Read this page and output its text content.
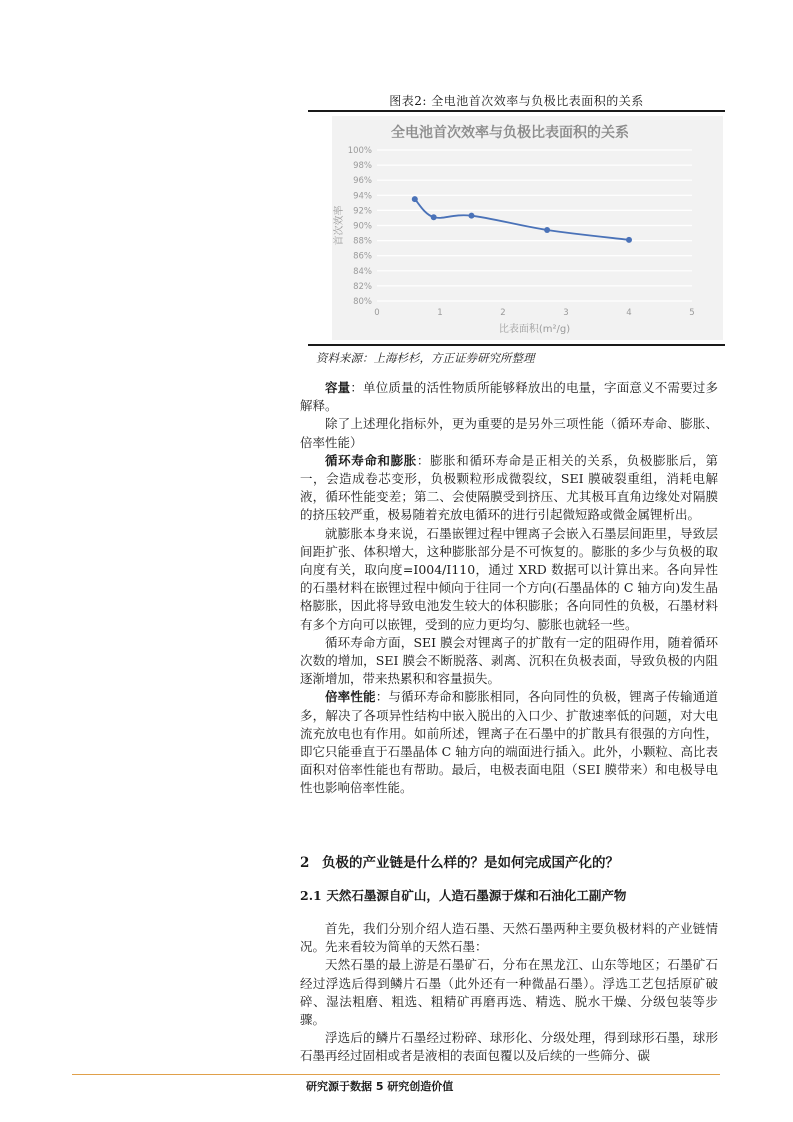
图表2: 全电池首次效率与负极比表面积的关系
全电池首次效率与负极比表面积的关系
80%
82%
84%
86%
88%
90%
92%
94%
96%
98%
100%
0	1	2	3	4	5
比表面积(m²/g)
首次效率
资料来源：上海杉杉，方正证券研究所整理

容量：单位质量的活性物质所能够释放出的电量，字面意义不需要过多解释。

除了上述理化指标外，更为重要的是另外三项性能（循环寿命、膨胀、倍率性能）

循环寿命和膨胀：膨胀和循环寿命是正相关的关系，负极膨胀后，第一，会造成卷芯变形，负极颗粒形成微裂纹，SEI 膜破裂重组，消耗电解液，循环性能变差；第二、会使隔膜受到挤压、尤其极耳直角边缘处对隔膜的挤压较严重，极易随着充放电循环的进行引起微短路或微金属锂析出。

就膨胀本身来说，石墨嵌锂过程中锂离子会嵌入石墨层间距里，导致层间距扩张、体积增大，这种膨胀部分是不可恢复的。膨胀的多少与负极的取向度有关，取向度=I004/I110，通过 XRD 数据可以计算出来。各向异性的石墨材料在嵌锂过程中倾向于往同一个方向(石墨晶体的 C 轴方向)发生晶格膨胀，因此将导致电池发生较大的体积膨胀；各向同性的负极，石墨材料有多个方向可以嵌锂，受到的应力更均匀、膨胀也就轻一些。

循环寿命方面，SEI 膜会对锂离子的扩散有一定的阻碍作用，随着循环次数的增加，SEI 膜会不断脱落、剥离、沉积在负极表面，导致负极的内阻逐渐增加，带来热累积和容量损失。

倍率性能：与循环寿命和膨胀相同，各向同性的负极，锂离子传输通道多，解决了各项异性结构中嵌入脱出的入口少、扩散速率低的问题，对大电流充放电也有作用。如前所述，锂离子在石墨中的扩散具有很强的方向性，即它只能垂直于石墨晶体 C 轴方向的端面进行插入。此外，小颗粒、高比表面积对倍率性能也有帮助。最后，电极表面电阻（SEI 膜带来）和电极导电性也影响倍率性能。

2 负极的产业链是什么样的？是如何完成国产化的？
2.1 天然石墨源自矿山，人造石墨源于煤和石油化工副产物

首先，我们分别介绍人造石墨、天然石墨两种主要负极材料的产业链情况。先来看较为简单的天然石墨：

天然石墨的最上游是石墨矿石，分布在黑龙江、山东等地区；石墨矿石经过浮选后得到鳞片石墨（此外还有一种微晶石墨）。浮选工艺包括原矿破碎、湿法粗磨、粗选、粗精矿再磨再选、精选、脱水干燥、分级包装等步骤。

浮选后的鳞片石墨经过粉碎、球形化、分级处理，得到球形石墨，球形石墨再经过固相或者是液相的表面包覆以及后续的一些筛分、碳

研究源于数据 5 研究创造价值
